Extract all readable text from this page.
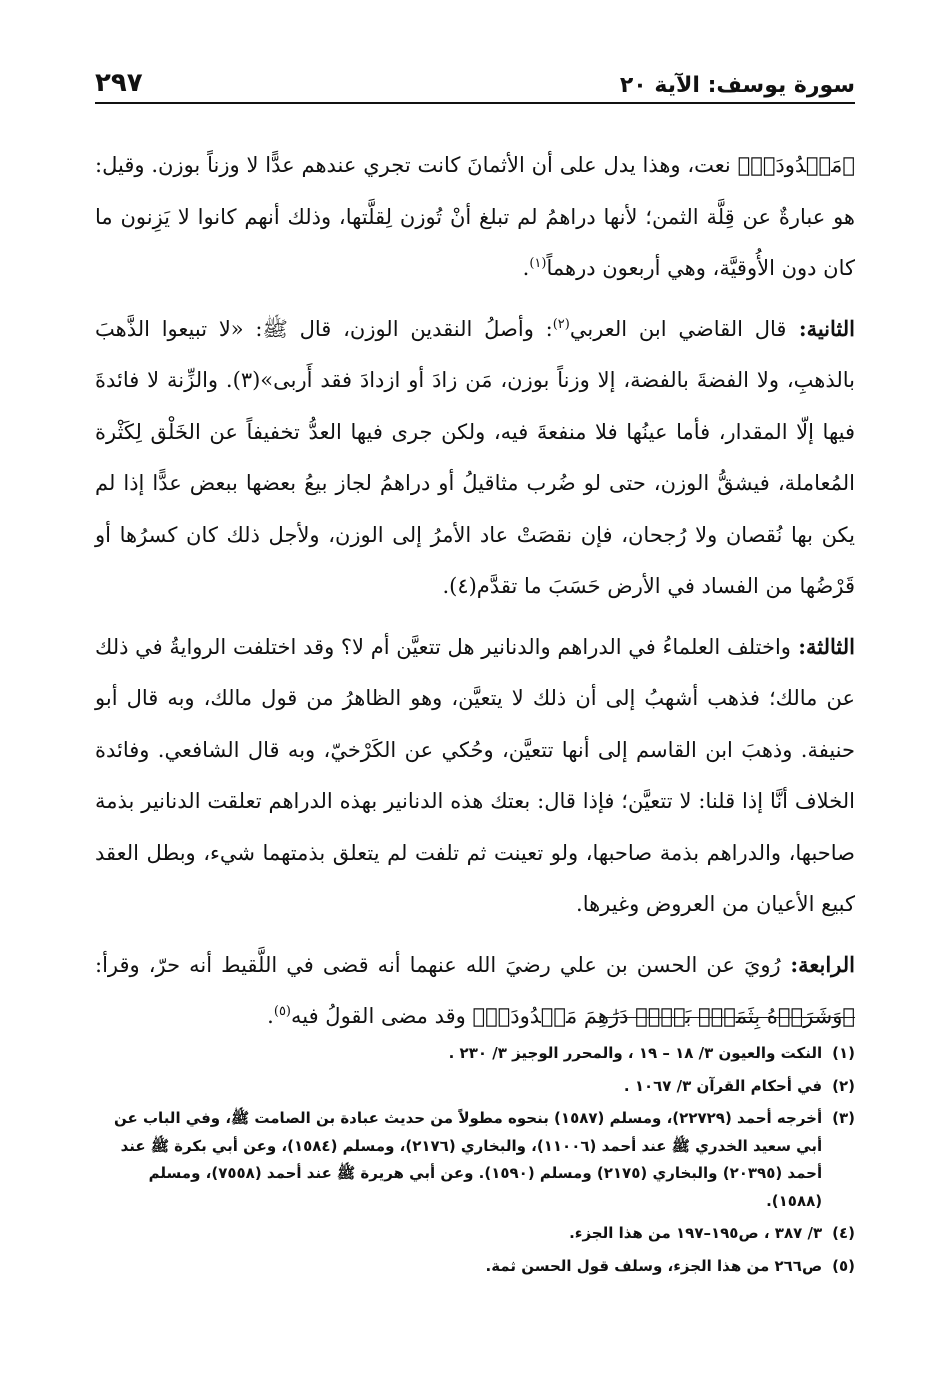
سورة يوسف: الآية ٢٠
٢٩٧

﴿مَعۡدُودَةٖ﴾ نعت، وهذا يدل على أن الأثمانَ كانت تجري عندهم عدًّا لا وزناً بوزن. وقيل: هو عبارةٌ عن قِلَّة الثمن؛ لأنها دراهمُ لم تبلغ أنْ تُوزن لِقلَّتها، وذلك أنهم كانوا لا يَزِنون ما كان دون الأُوقيَّة، وهي أربعون درهماً$^{(١)}$.

الثانية: قال القاضي ابن العربي$^{(٢)}$: وأصلُ النقدين الوزن، قال ﷺ: «لا تبيعوا الذَّهبَ بالذهبِ، ولا الفضةَ بالفضة، إلا وزناً بوزن، مَن زادَ أو ازدادَ فقد أَربى»(٣). والزِّنة لا فائدةَ فيها إلّا المقدار، فأما عينُها فلا منفعةَ فيه، ولكن جرى فيها العدُّ تخفيفاً عن الخَلْق لِكَثْرة المُعاملة، فيشقُّ الوزن، حتى لو ضُرب مثاقيلُ أو دراهمُ لجاز بيعُ بعضها ببعض عدًّا إذا لم يكن بها نُقصان ولا رُجحان، فإن نقصَتْ عاد الأمرُ إلى الوزن، ولأجل ذلك كان كسرُها أو قَرْضُها من الفساد في الأرض حَسَبَ ما تقدَّم(٤).

الثالثة: واختلف العلماءُ في الدراهم والدنانير هل تتعيَّن أم لا؟ وقد اختلفت الروايةُ في ذلك عن مالك؛ فذهب أشهبُ إلى أن ذلك لا يتعيَّن، وهو الظاهرُ من قول مالك، وبه قال أبو حنيفة. وذهبَ ابن القاسم إلى أنها تتعيَّن، وحُكي عن الكَرْخيّ، وبه قال الشافعي. وفائدة الخلاف أنَّا إذا قلنا: لا تتعيَّن؛ فإذا قال: بعتك هذه الدنانير بهذه الدراهم تعلقت الدنانير بذمة صاحبها، والدراهم بذمة صاحبها، ولو تعينت ثم تلفت لم يتعلق بذمتهما شيء، وبطل العقد كبيع الأعيان من العروض وغيرها.

الرابعة: رُويَ عن الحسن بن علي رضيَ الله عنهما أنه قضى في اللَّقيط أنه حرّ، وقرأ: ﴿وَشَرَوۡهُ بِثَمَنِۭ بَخۡسٖ دَرَٰهِمَ مَعۡدُودَةٖ﴾ وقد مضى القولُ فيه$^{(٥)}$.

(١)
النكت والعيون ٣/ ١٨ – ١٩ ، والمحرر الوجيز ٣/ ٢٣٠ .
(٢)
في أحكام القرآن ٣/ ١٠٦٧ .
(٣)
أخرجه أحمد (٢٢٧٢٩)، ومسلم (١٥٨٧) بنحوه مطولاً من حديث عبادة بن الصامت ﷺ، وفي الباب عن أبي سعيد الخدري ﷺ عند أحمد (١١٠٠٦)، والبخاري (٢١٧٦)، ومسلم (١٥٨٤)، وعن أبي بكرة ﷺ عند أحمد (٢٠٣٩٥) والبخاري (٢١٧٥) ومسلم (١٥٩٠). وعن أبي هريرة ﷺ عند أحمد (٧٥٥٨)، ومسلم (١٥٨٨).
(٤)
٣/ ٣٨٧ ، ص١٩٥–١٩٧ من هذا الجزء.
(٥)
ص٢٦٦ من هذا الجزء، وسلف قول الحسن ثمة.
